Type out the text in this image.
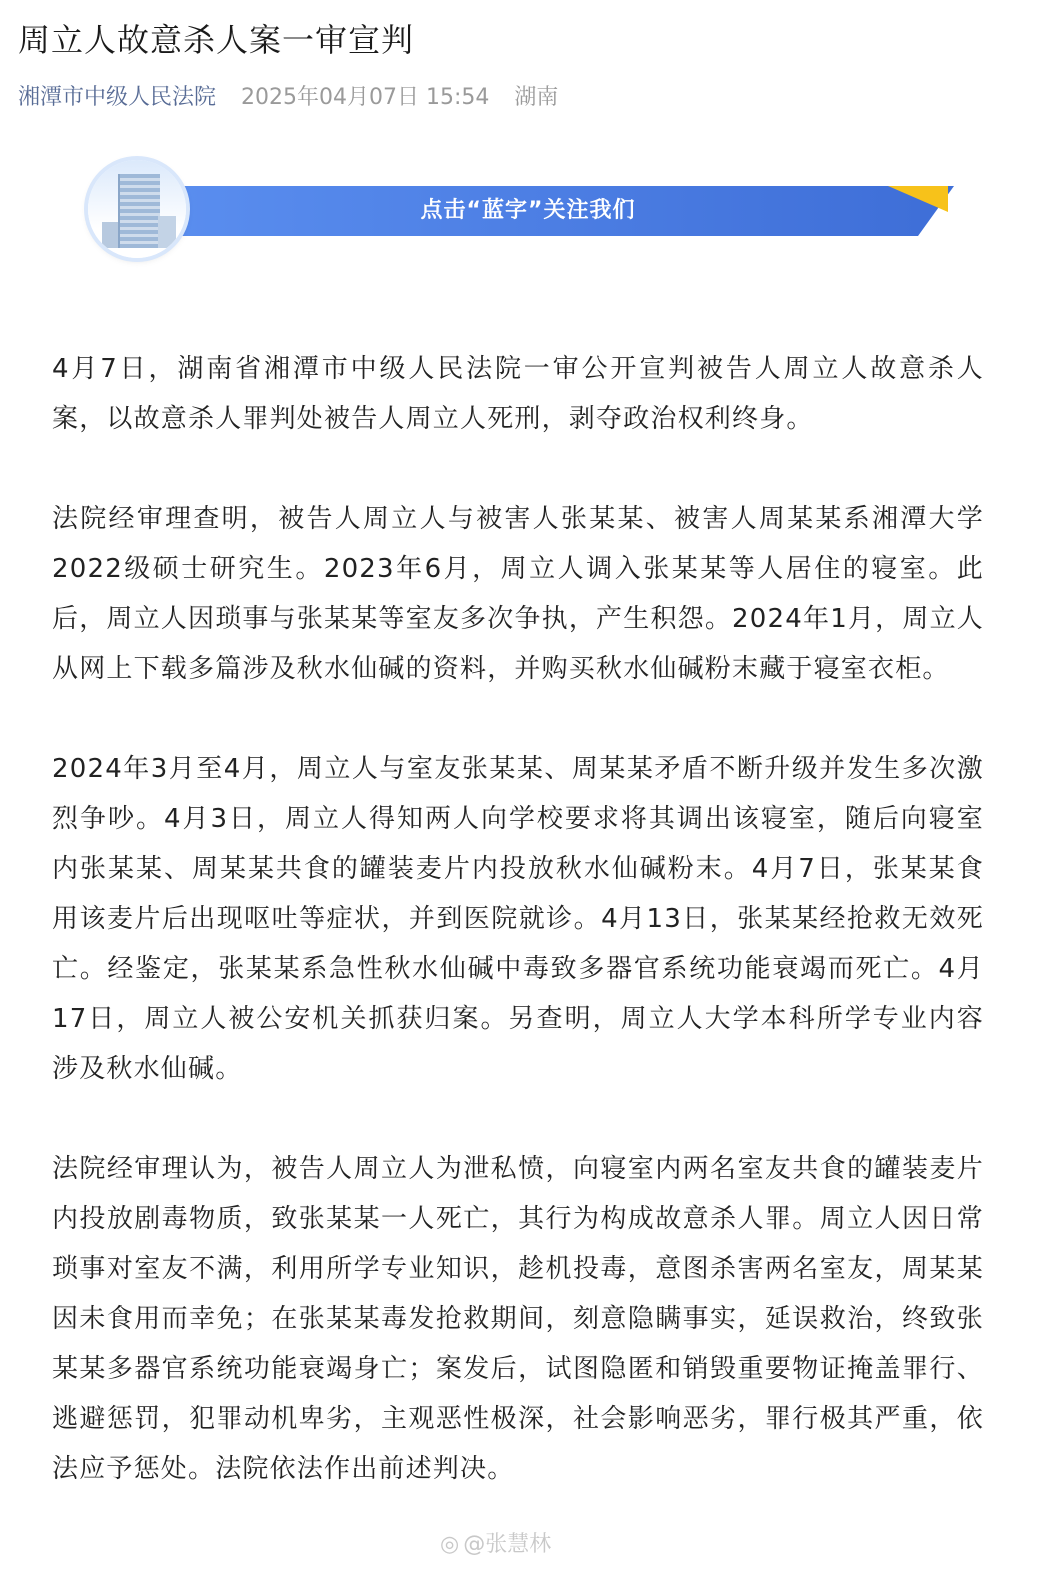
周立人故意杀人案一审宣判
湘潭市中级人民法院 2025年04月07日 15:54 湖南
点击“蓝字”关注我们

4月7日，湖南省湘潭市中级人民法院一审公开宣判被告人周立人故意杀人案，以故意杀人罪判处被告人周立人死刑，剥夺政治权利终身。

法院经审理查明，被告人周立人与被害人张某某、被害人周某某系湘潭大学2022级硕士研究生。2023年6月，周立人调入张某某等人居住的寝室。此后，周立人因琐事与张某某等室友多次争执，产生积怨。2024年1月，周立人从网上下载多篇涉及秋水仙碱的资料，并购买秋水仙碱粉末藏于寝室衣柜。

2024年3月至4月，周立人与室友张某某、周某某矛盾不断升级并发生多次激烈争吵。4月3日，周立人得知两人向学校要求将其调出该寝室，随后向寝室内张某某、周某某共食的罐装麦片内投放秋水仙碱粉末。4月7日，张某某食用该麦片后出现呕吐等症状，并到医院就诊。4月13日，张某某经抢救无效死亡。经鉴定，张某某系急性秋水仙碱中毒致多器官系统功能衰竭而死亡。4月17日，周立人被公安机关抓获归案。另查明，周立人大学本科所学专业内容涉及秋水仙碱。

法院经审理认为，被告人周立人为泄私愤，向寝室内两名室友共食的罐装麦片内投放剧毒物质，致张某某一人死亡，其行为构成故意杀人罪。周立人因日常琐事对室友不满，利用所学专业知识，趁机投毒，意图杀害两名室友，周某某因未食用而幸免；在张某某毒发抢救期间，刻意隐瞒事实，延误救治，终致张某某多器官系统功能衰竭身亡；案发后，试图隐匿和销毁重要物证掩盖罪行、逃避惩罚，犯罪动机卑劣，主观恶性极深，社会影响恶劣，罪行极其严重，依法应予惩处。法院依法作出前述判决。

◎ @张慧林
